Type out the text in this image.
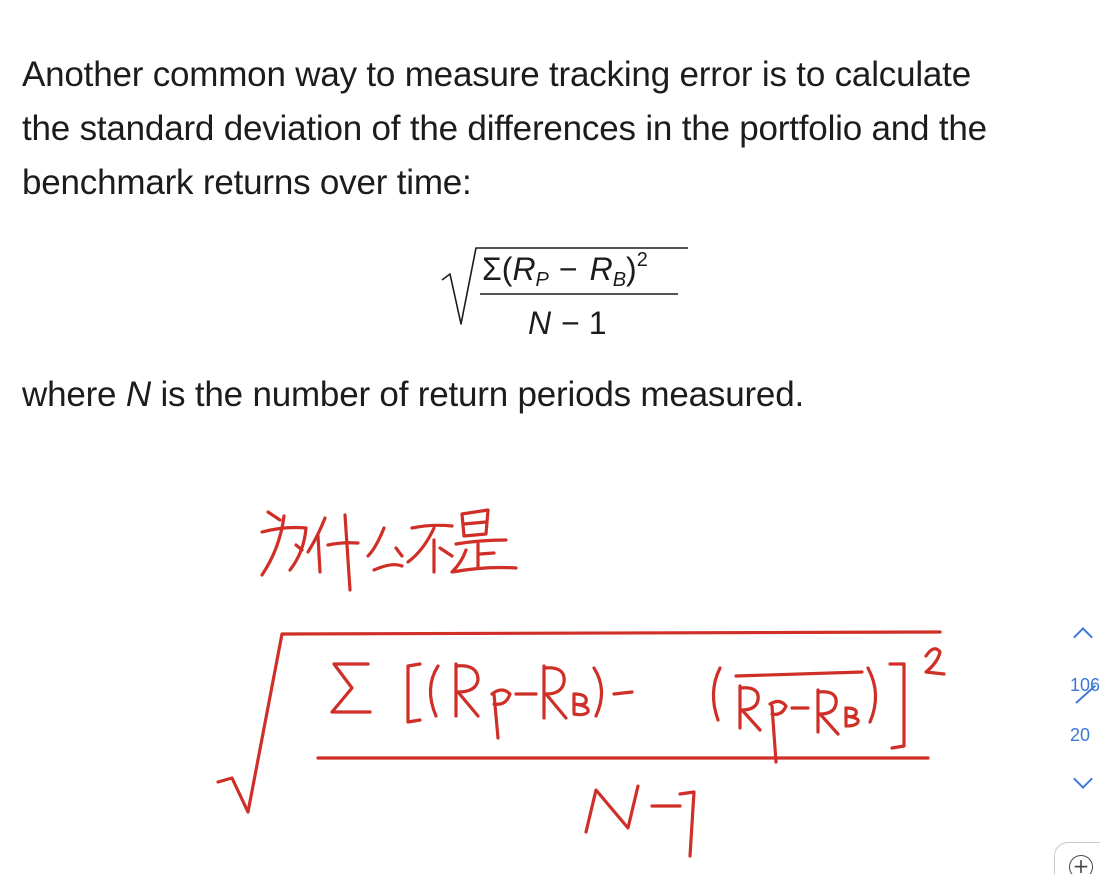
Another common way to measure tracking error is to calculate
the standard deviation of the differences in the portfolio and the
benchmark returns over time:
Σ(RP − RB)$^2$
N − 1
where N is the number of return periods measured.
106
20
+
